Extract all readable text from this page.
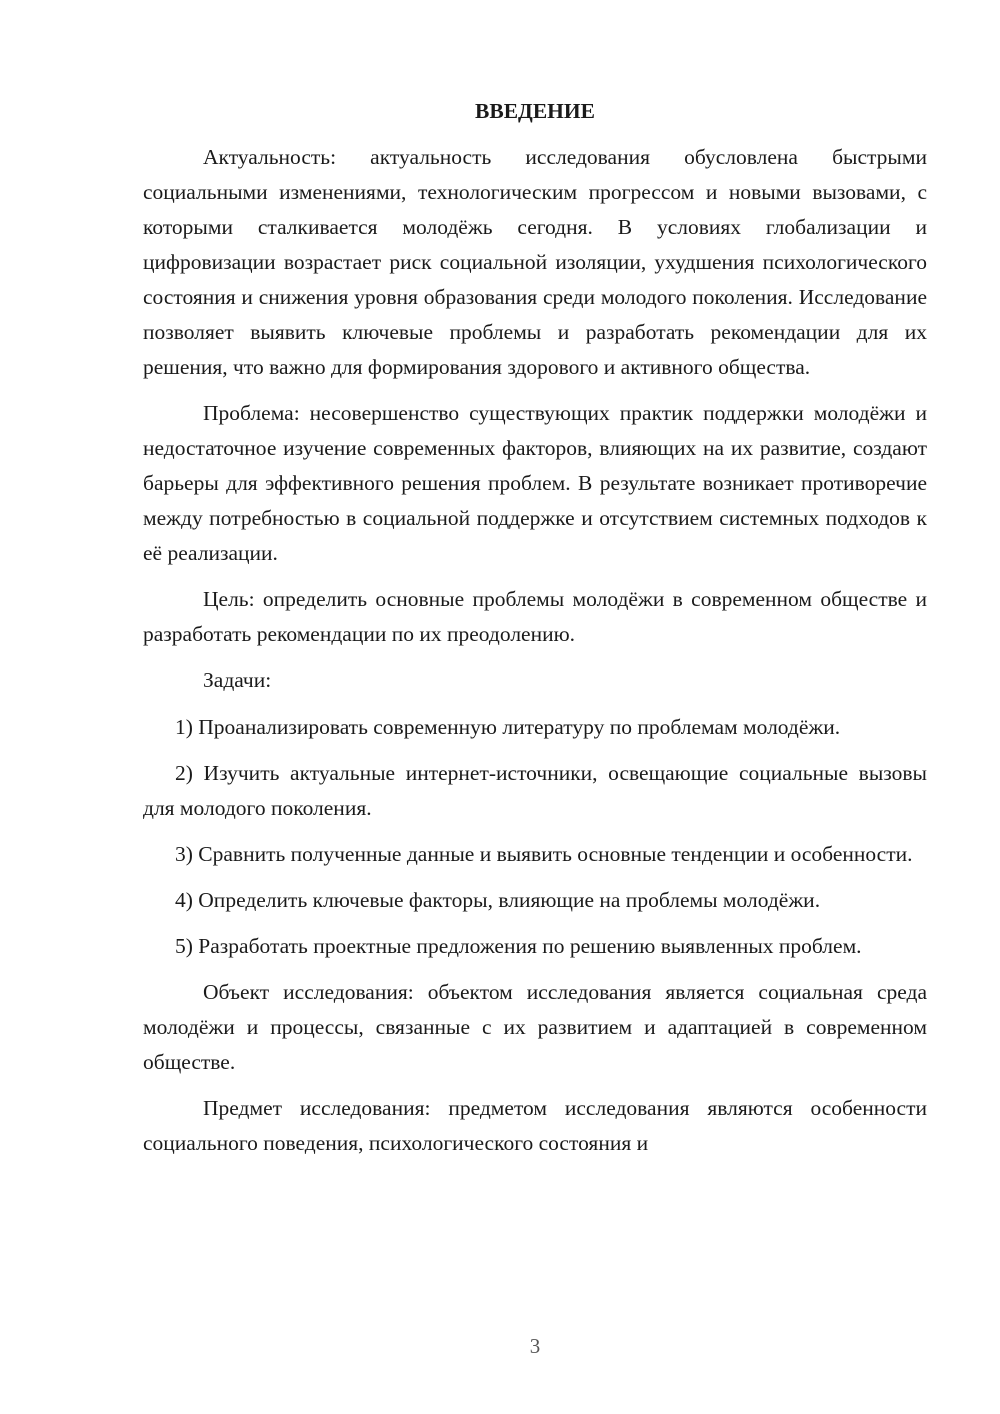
ВВЕДЕНИЕ

Актуальность: актуальность исследования обусловлена быстрыми социальными изменениями, технологическим прогрессом и новыми вызовами, с которыми сталкивается молодёжь сегодня. В условиях глобализации и цифровизации возрастает риск социальной изоляции, ухудшения психологического состояния и снижения уровня образования среди молодого поколения. Исследование позволяет выявить ключевые проблемы и разработать рекомендации для их решения, что важно для формирования здорового и активного общества.

Проблема: несовершенство существующих практик поддержки молодёжи и недостаточное изучение современных факторов, влияющих на их развитие, создают барьеры для эффективного решения проблем. В результате возникает противоречие между потребностью в социальной поддержке и отсутствием системных подходов к её реализации.

Цель: определить основные проблемы молодёжи в современном обществе и разработать рекомендации по их преодолению.

Задачи:

1) Проанализировать современную литературу по проблемам молодёжи.

2) Изучить актуальные интернет-источники, освещающие социальные вызовы для молодого поколения.

3) Сравнить полученные данные и выявить основные тенденции и особенности.

4) Определить ключевые факторы, влияющие на проблемы молодёжи.

5) Разработать проектные предложения по решению выявленных проблем.

Объект исследования: объектом исследования является социальная среда молодёжи и процессы, связанные с их развитием и адаптацией в современном обществе.

Предмет исследования: предметом исследования являются особенности социального поведения, психологического состояния и

3
